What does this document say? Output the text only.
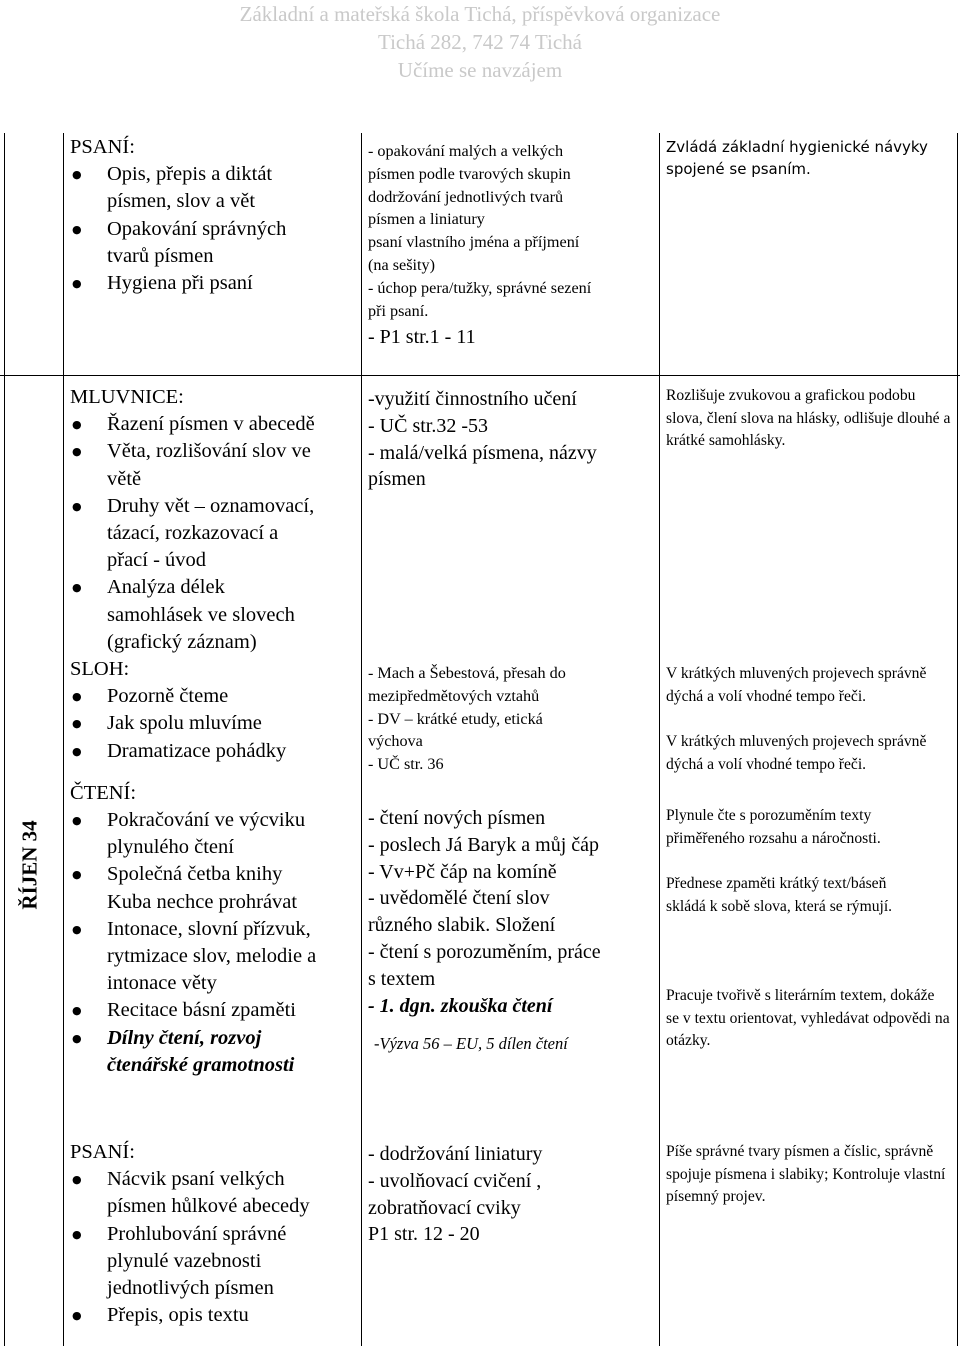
Základní a mateřská škola Tichá, příspěvková organizace
Tichá 282, 742 74 Tichá
Učíme se navzájem
ŘÍJEN 34
PSANÍ:
● Opis, přepis a diktát písmen, slov a vět
● Opakování správných tvarů písmen
● Hygiena při psaní
- opakování malých a velkých
písmen podle tvarových skupin
dodržování jednotlivých tvarů
písmen a liniatury
psaní vlastního jména a příjmení
(na sešity)
- úchop pera/tužky, správné sezení
při psaní.
- P1 str.1 - 11
Zvládá základní hygienické návyky spojené se psaním.
MLUVNICE:
● Řazení písmen v abecedě
● Věta, rozlišování slov ve větě
● Druhy vět – oznamovací, tázací, rozkazovací a přací - úvod
● Analýza délek samohlásek ve slovech (grafický záznam)
SLOH:
● Pozorně čteme
● Jak spolu mluvíme
● Dramatizace pohádky
ČTENÍ:
● Pokračování ve výcviku plynulého čtení
● Společná četba knihy Kuba nechce prohrávat
● Intonace, slovní přízvuk, rytmizace slov, melodie a intonace věty
● Recitace básní zpaměti
● Dílny čtení, rozvoj čtenářské gramotnosti
-využití činnostního učení
- UČ str.32 -53
- malá/velká písmena, názvy písmen
- Mach a Šebestová, přesah do
mezipředmětových vztahů
- DV – krátké etudy, etická
výchova
- UČ str. 36
- čtení nových písmen
- poslech Já Baryk a můj čáp
- Vv+Pč čáp na komíně
- uvědomělé čtení slov
různého slabik. Složení
- čtení s porozuměním, práce
s textem
- 1. dgn. zkouška čtení
-Výzva 56 – EU, 5 dílen čtení
Rozlišuje zvukovou a grafickou podobu slova, člení slova na hlásky, odlišuje dlouhé a krátké samohlásky.
V krátkých mluvených projevech správně dýchá a volí vhodné tempo řeči.
V krátkých mluvených projevech správně dýchá a volí vhodné tempo řeči.
Plynule čte s porozuměním texty přiměřeného rozsahu a náročnosti.
Přednese zpaměti krátký text/báseň skládá k sobě slova, která se rýmují.
Pracuje tvořivě s literárním textem, dokáže se v textu orientovat, vyhledávat odpovědi na otázky.
PSANÍ:
● Nácvik psaní velkých písmen hůlkové abecedy
● Prohlubování správné plynulé vazebnosti jednotlivých písmen
● Přepis, opis textu
- dodržování liniatury
- uvolňovací cvičení ,
zobratňovací cviky
P1 str. 12 - 20
Píše správné tvary písmen a číslic, správně spojuje písmena i slabiky; Kontroluje vlastní písemný projev.
